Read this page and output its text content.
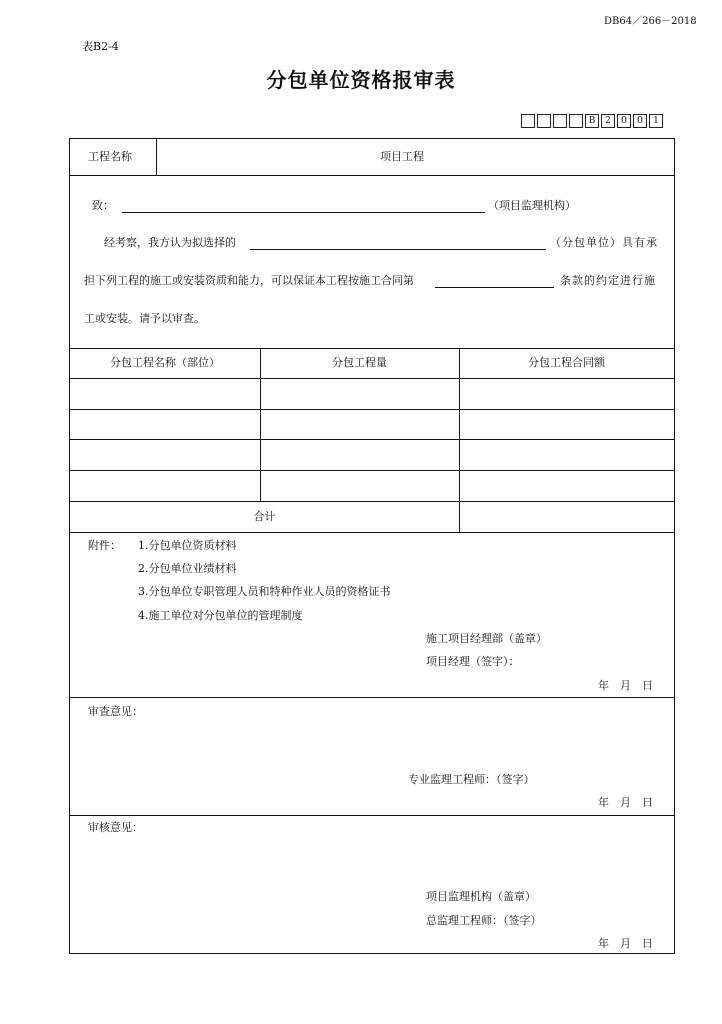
DB64／266－2018
表B2-4
分包单位资格报审表
B	2	0	0	1
工程名称	项目工程
致：	（项目监理机构）
经考察，我方认为拟选择的	（分包单位）具有承
担下列工程的施工或安装资质和能力，可以保证本工程按施工合同第	条款的约定进行施
工或安装。请予以审查。
分包工程名称（部位）	分包工程量	分包工程合同额
合计
附件： 1.分包单位资质材料
2.分包单位业绩材料
3.分包单位专职管理人员和特种作业人员的资格证书
4.施工单位对分包单位的管理制度
施工项目经理部（盖章）
项目经理（签字）：
年　月　日
审查意见：
专业监理工程师：（签字）
年　月　日
审核意见：
项目监理机构（盖章）
总监理工程师：（签字）
年　月　日
